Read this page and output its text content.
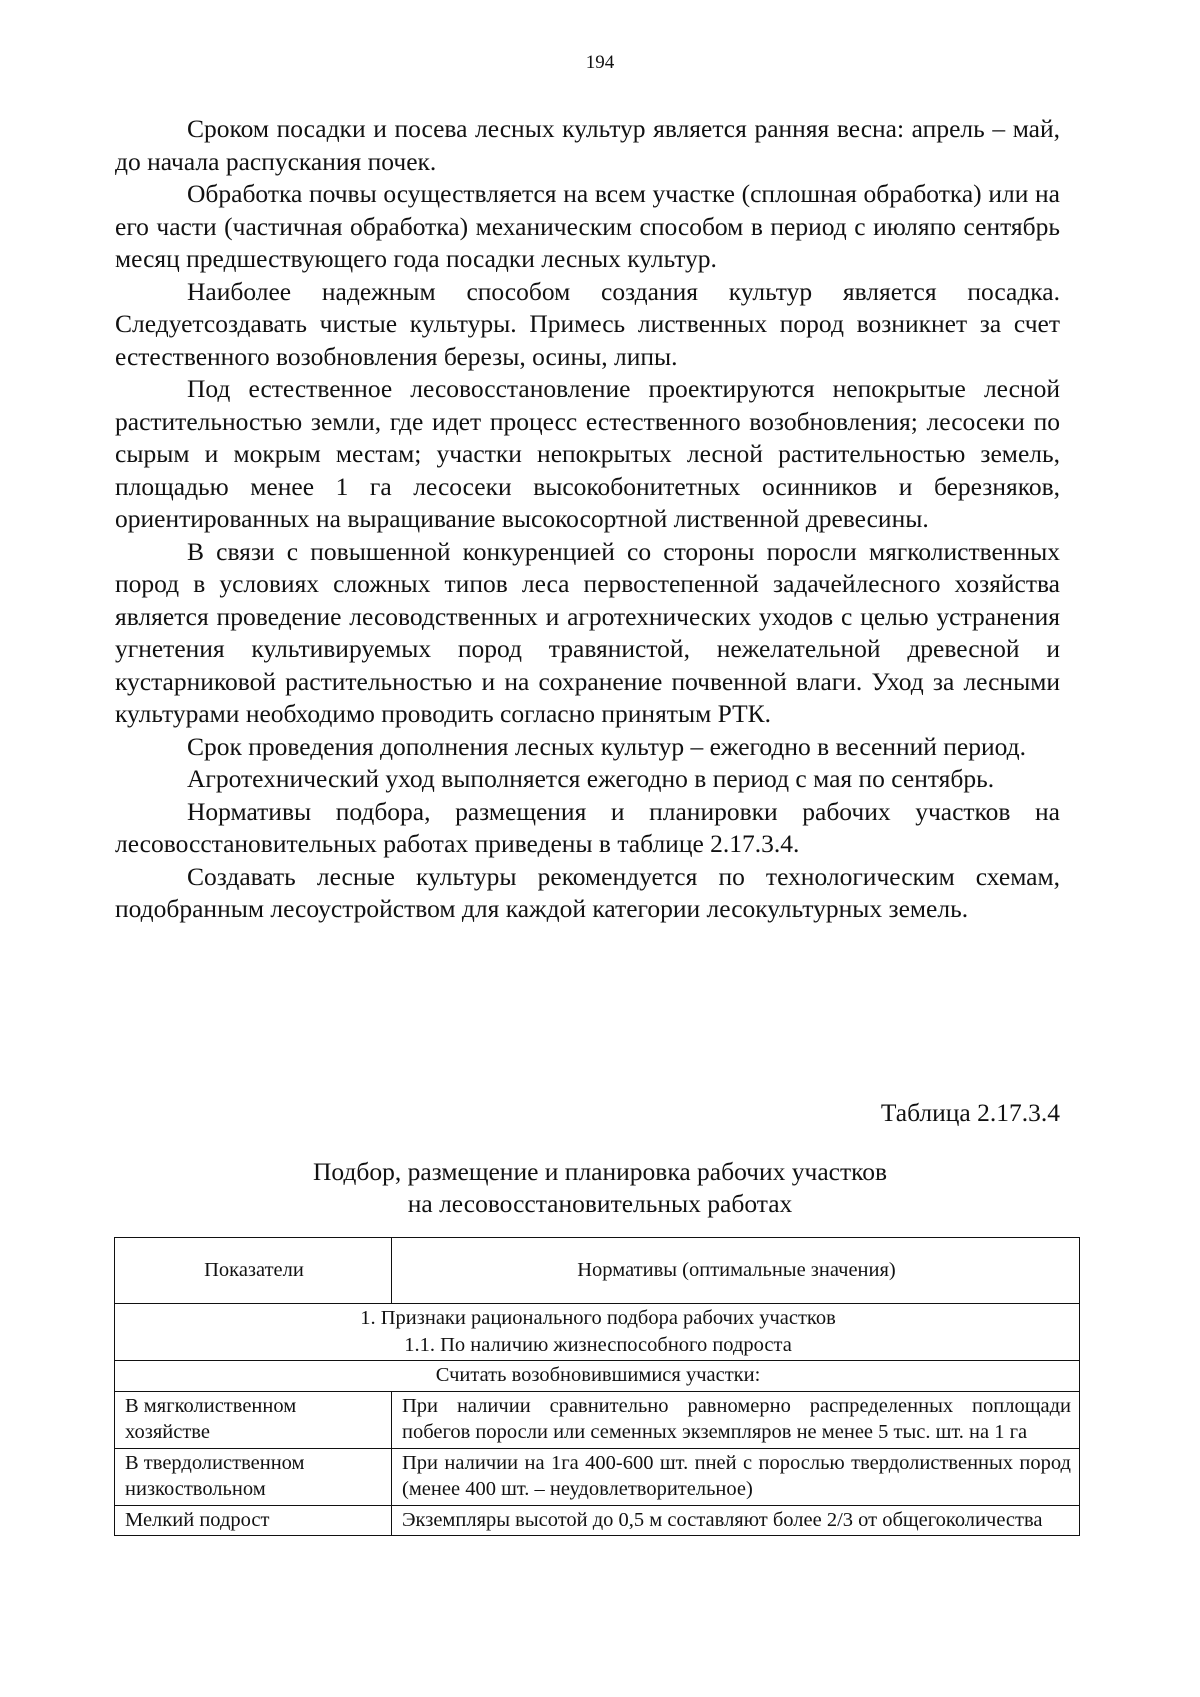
194

Сроком посадки и посева лесных культур является ранняя весна: апрель – май, до начала распускания почек.

Обработка почвы осуществляется на всем участке (сплошная обработка) или на его части (частичная обработка) механическим способом в период с июляпо сентябрь месяц предшествующего года посадки лесных культур.

Наиболее надежным способом создания культур является посадка. Следуетсоздавать чистые культуры. Примесь лиственных пород возникнет за счет естественного возобновления березы, осины, липы.

Под естественное лесовосстановление проектируются непокрытые лесной растительностью земли, где идет процесс естественного возобновления; лесосеки по сырым и мокрым местам; участки непокрытых лесной растительностью земель, площадью менее 1 га лесосеки высокобонитетных осинников и березняков, ориентированных на выращивание высокосортной лиственной древесины.

В связи с повышенной конкуренцией со стороны поросли мягколиственных пород в условиях сложных типов леса первостепенной задачейлесного хозяйства является проведение лесоводственных и агротехнических уходов с целью устранения угнетения культивируемых пород травянистой, нежелательной древесной и кустарниковой растительностью и на сохранение почвенной влаги. Уход за лесными культурами необходимо проводить согласно принятым РТК.

Срок проведения дополнения лесных культур – ежегодно в весенний период.

Агротехнический уход выполняется ежегодно в период с мая по сентябрь.

Нормативы подбора, размещения и планировки рабочих участков на лесовосстановительных работах приведены в таблице 2.17.3.4.

Создавать лесные культуры рекомендуется по технологическим схемам, подобранным лесоустройством для каждой категории лесокультурных земель.

Таблица 2.17.3.4
Подбор, размещение и планировка рабочих участков
на лесовосстановительных работах
Показатели	Нормативы (оптимальные значения)

1. Признаки рационального подбора рабочих участков
1.1. По наличию жизнеспособного подроста	

Считать возобновившимися участки:	
В мягколиственном хозяйстве	При наличии сравнительно равномерно распределенных поплощади побегов поросли или семенных экземпляров не менее 5 тыс. шт. на 1 га
В твердолиственном низкоствольном	При наличии на 1га 400-600 шт. пней с порослью твердолиственных пород (менее 400 шт. – неудовлетворительное)
Мелкий подрост	Экземпляры высотой до 0,5 м составляют более 2/3 от общегоколичества
